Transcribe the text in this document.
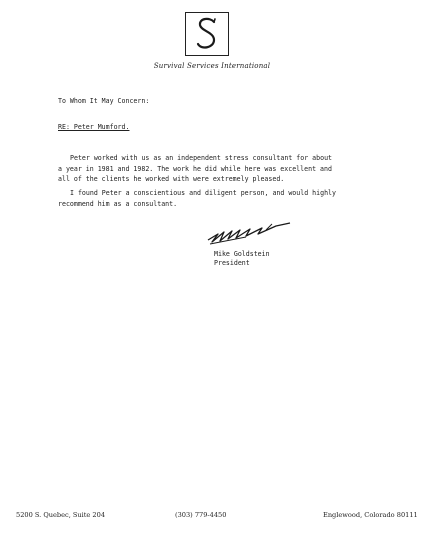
Survival Services International
To Whom It May Concern:
RE: Peter Mumford.
Peter worked with us as an independent stress consultant for about
a year in 1981 and 1982. The work he did while here was excellent and
all of the clients he worked with were extremely pleased.
I found Peter a conscientious and diligent person, and would highly
recommend him as a consultant.
Mike Goldstein
President
5200 S. Quebec, Suite 204	(303) 779-4450	Englewood, Colorado 80111
